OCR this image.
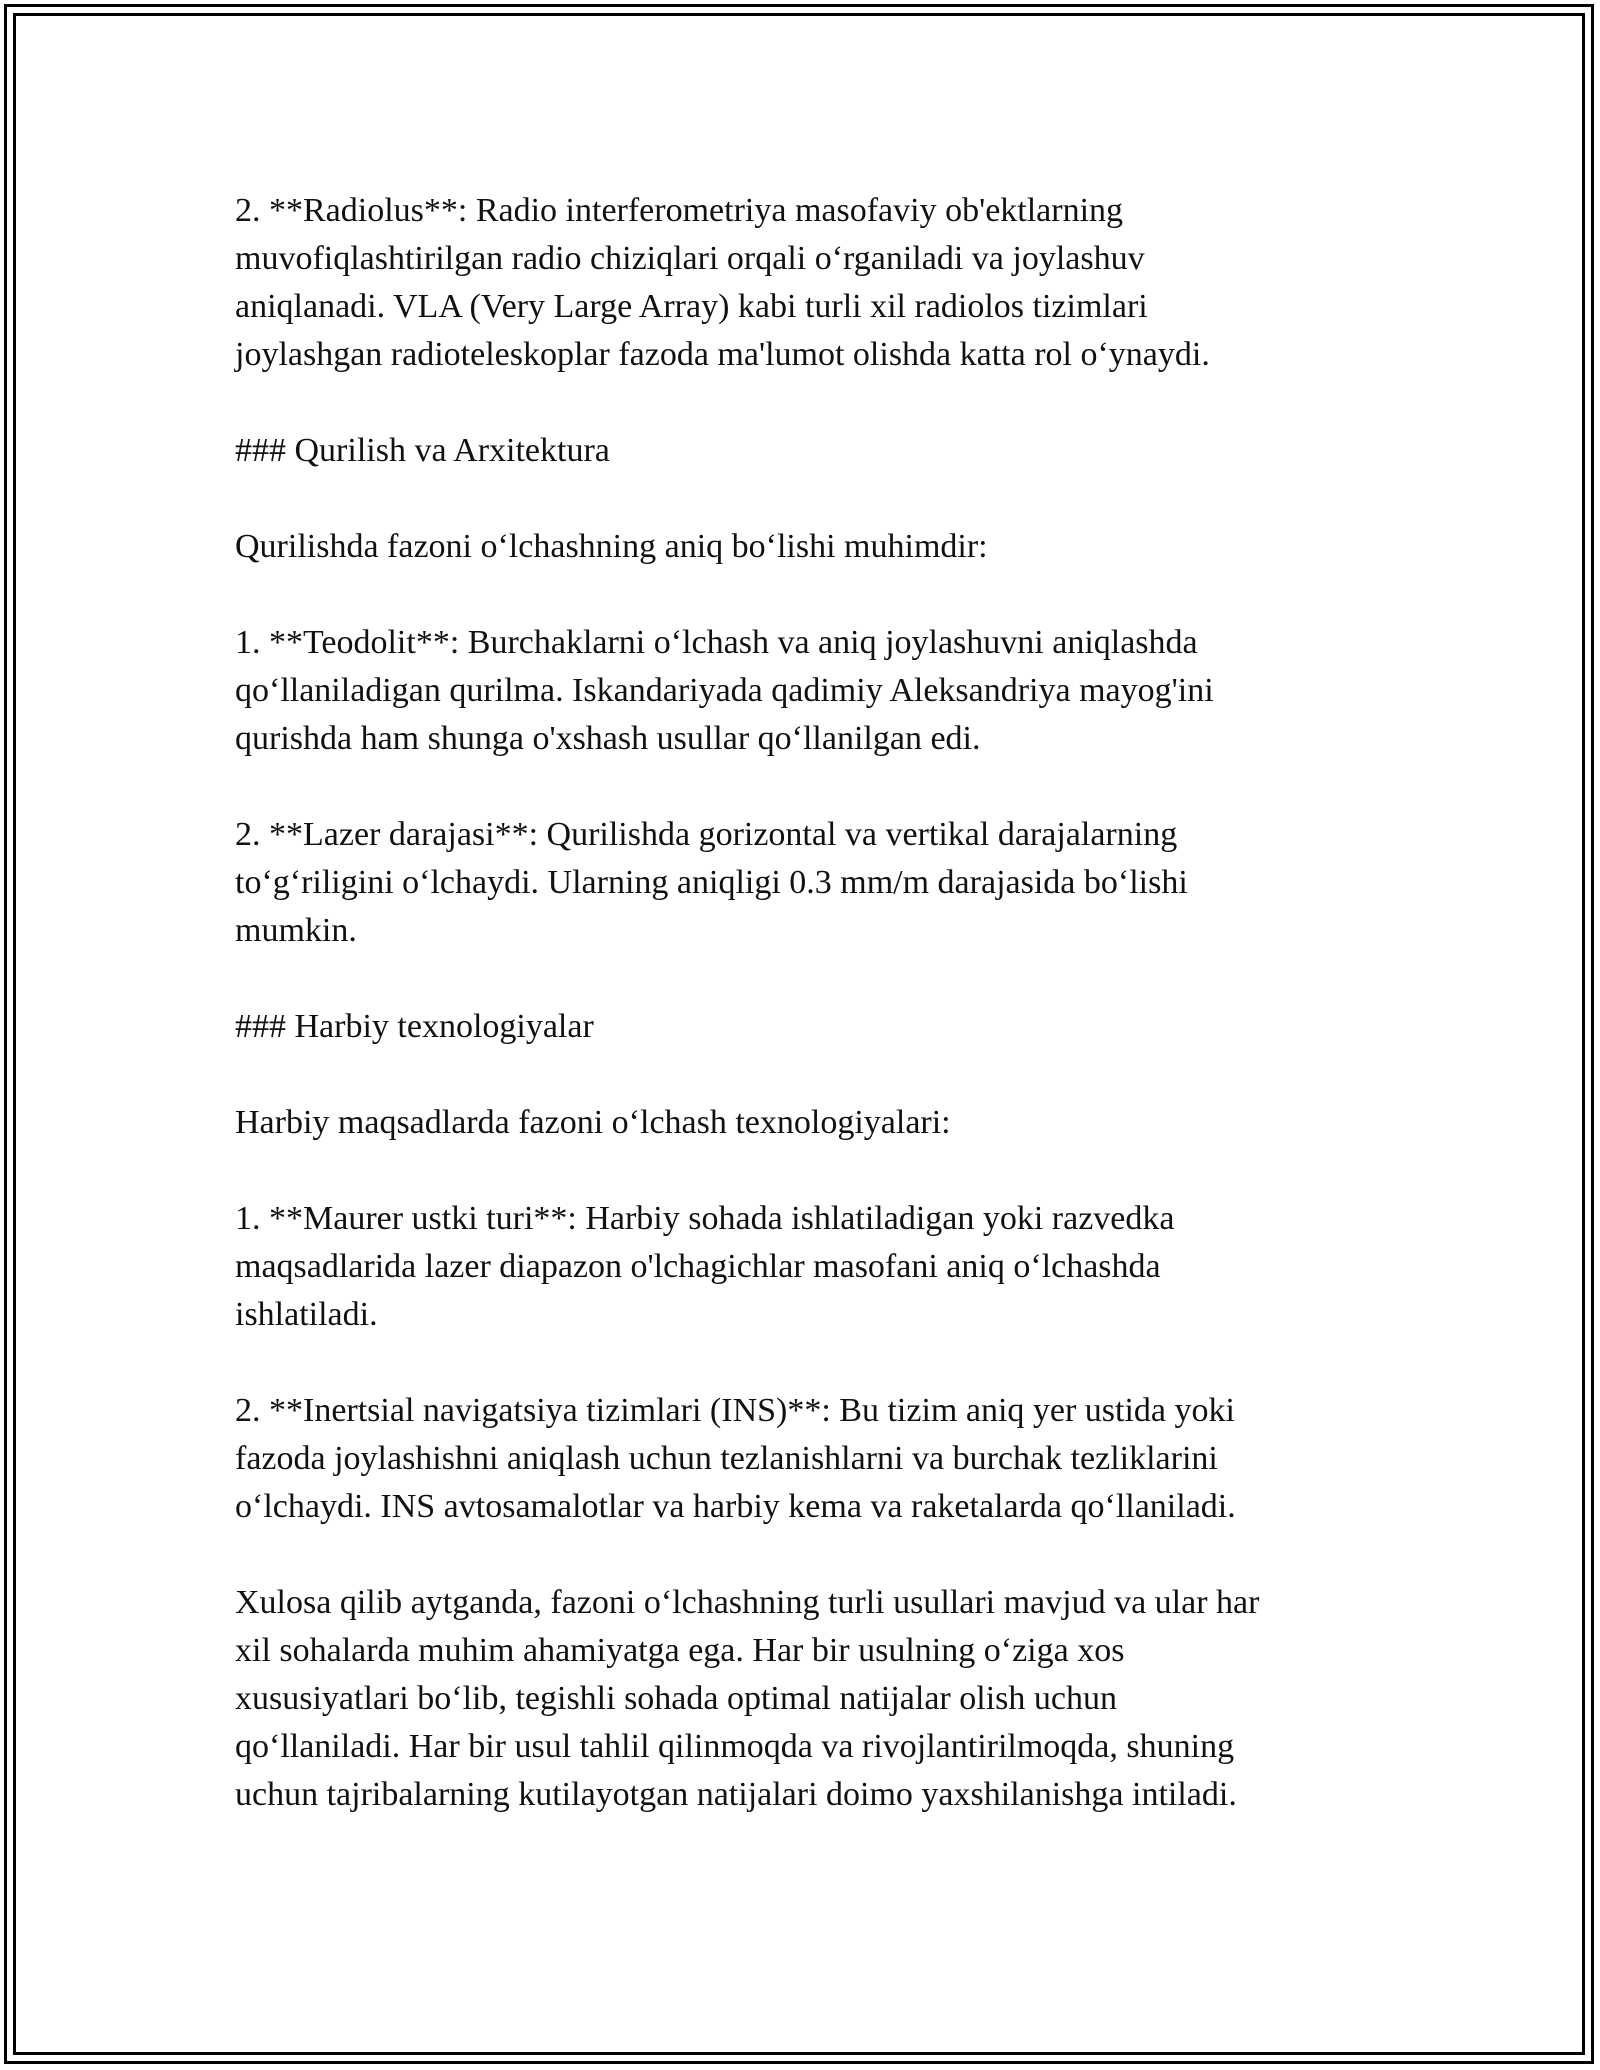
2. **Radiolus**: Radio interferometriya masofaviy ob'ektlarning
muvofiqlashtirilgan radio chiziqlari orqali o‘rganiladi va joylashuv
aniqlanadi. VLA (Very Large Array) kabi turli xil radiolos tizimlari
joylashgan radioteleskoplar fazoda ma'lumot olishda katta rol o‘ynaydi.

### Qurilish va Arxitektura

Qurilishda fazoni o‘lchashning aniq bo‘lishi muhimdir:

1. **Teodolit**: Burchaklarni o‘lchash va aniq joylashuvni aniqlashda
qo‘llaniladigan qurilma. Iskandariyada qadimiy Aleksandriya mayog'ini
qurishda ham shunga o'xshash usullar qo‘llanilgan edi.

2. **Lazer darajasi**: Qurilishda gorizontal va vertikal darajalarning
to‘g‘riligini o‘lchaydi. Ularning aniqligi 0.3 mm/m darajasida bo‘lishi
mumkin.

### Harbiy texnologiyalar

Harbiy maqsadlarda fazoni o‘lchash texnologiyalari:

1. **Maurer ustki turi**: Harbiy sohada ishlatiladigan yoki razvedka
maqsadlarida lazer diapazon o'lchagichlar masofani aniq o‘lchashda
ishlatiladi.

2. **Inertsial navigatsiya tizimlari (INS)**: Bu tizim aniq yer ustida yoki
fazoda joylashishni aniqlash uchun tezlanishlarni va burchak tezliklarini
o‘lchaydi. INS avtosamalotlar va harbiy kema va raketalarda qo‘llaniladi.

Xulosa qilib aytganda, fazoni o‘lchashning turli usullari mavjud va ular har
xil sohalarda muhim ahamiyatga ega. Har bir usulning o‘ziga xos
xususiyatlari bo‘lib, tegishli sohada optimal natijalar olish uchun
qo‘llaniladi. Har bir usul tahlil qilinmoqda va rivojlantirilmoqda, shuning
uchun tajribalarning kutilayotgan natijalari doimo yaxshilanishga intiladi.
